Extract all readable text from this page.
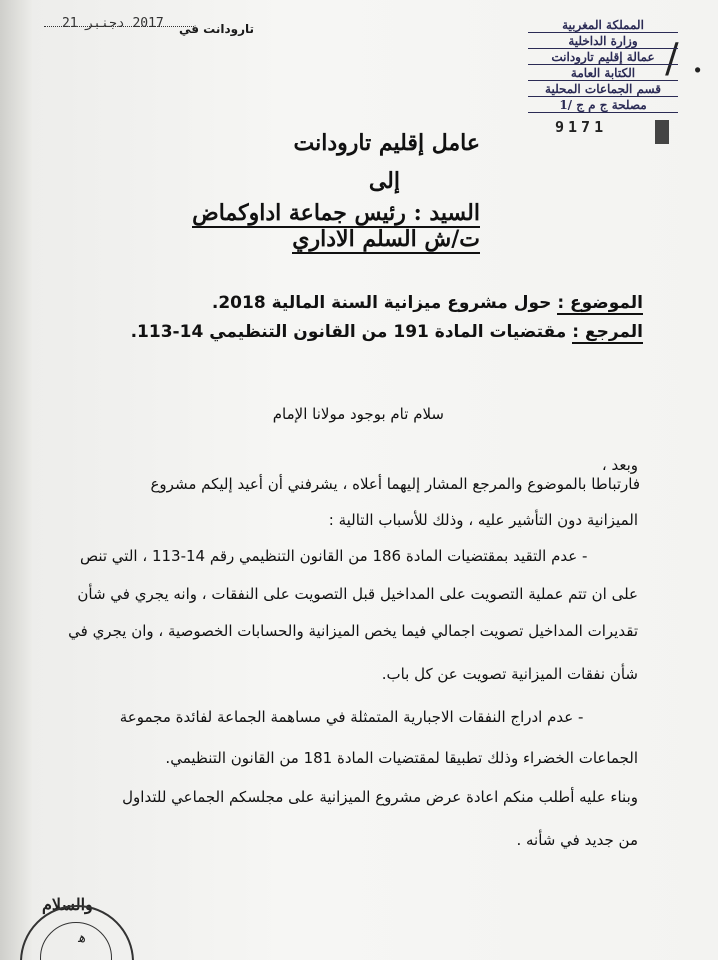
2017 دجنبر 21 تارودانت في
/ .
المملكة المغربية
وزارة الداخلية
عمالة إقليم تارودانت
الكتابة العامة
قسم الجماعات المحلية
مصلحة ج م ج /1
9171
عامل إقليم تارودانت
إلى
السيد : رئيس جماعة اداوكماض
ت/ش السلم الاداري
الموضوع : حول مشروع ميزانية السنة المالية 2018.
المرجع : مقتضيات المادة 191 من القانون التنظيمي 14-113.
سلام تام بوجود مولانا الإمام
وبعد ،
فارتباطا بالموضوع والمرجع المشار إليهما أعلاه ، يشرفني أن أعيد إليكم مشروع
الميزانية دون التأشير عليه ، وذلك للأسباب التالية :
- عدم التقيد بمقتضيات المادة 186 من القانون التنظيمي رقم 14-113 ، التي تنص
على ان تتم عملية التصويت على المداخيل قبل التصويت على النفقات ، وانه يجري في شأن
تقديرات المداخيل تصويت اجمالي فيما يخص الميزانية والحسابات الخصوصية ، وان يجري في
شأن نفقات الميزانية تصويت عن كل باب.
- عدم ادراج النفقات الاجبارية المتمثلة في مساهمة الجماعة لفائدة مجموعة
الجماعات الخضراء وذلك تطبيقا لمقتضيات المادة 181 من القانون التنظيمي.
وبناء عليه أطلب منكم اعادة عرض مشروع الميزانية على مجلسكم الجماعي للتداول
من جديد في شأنه .
والسلام
ﻫ
